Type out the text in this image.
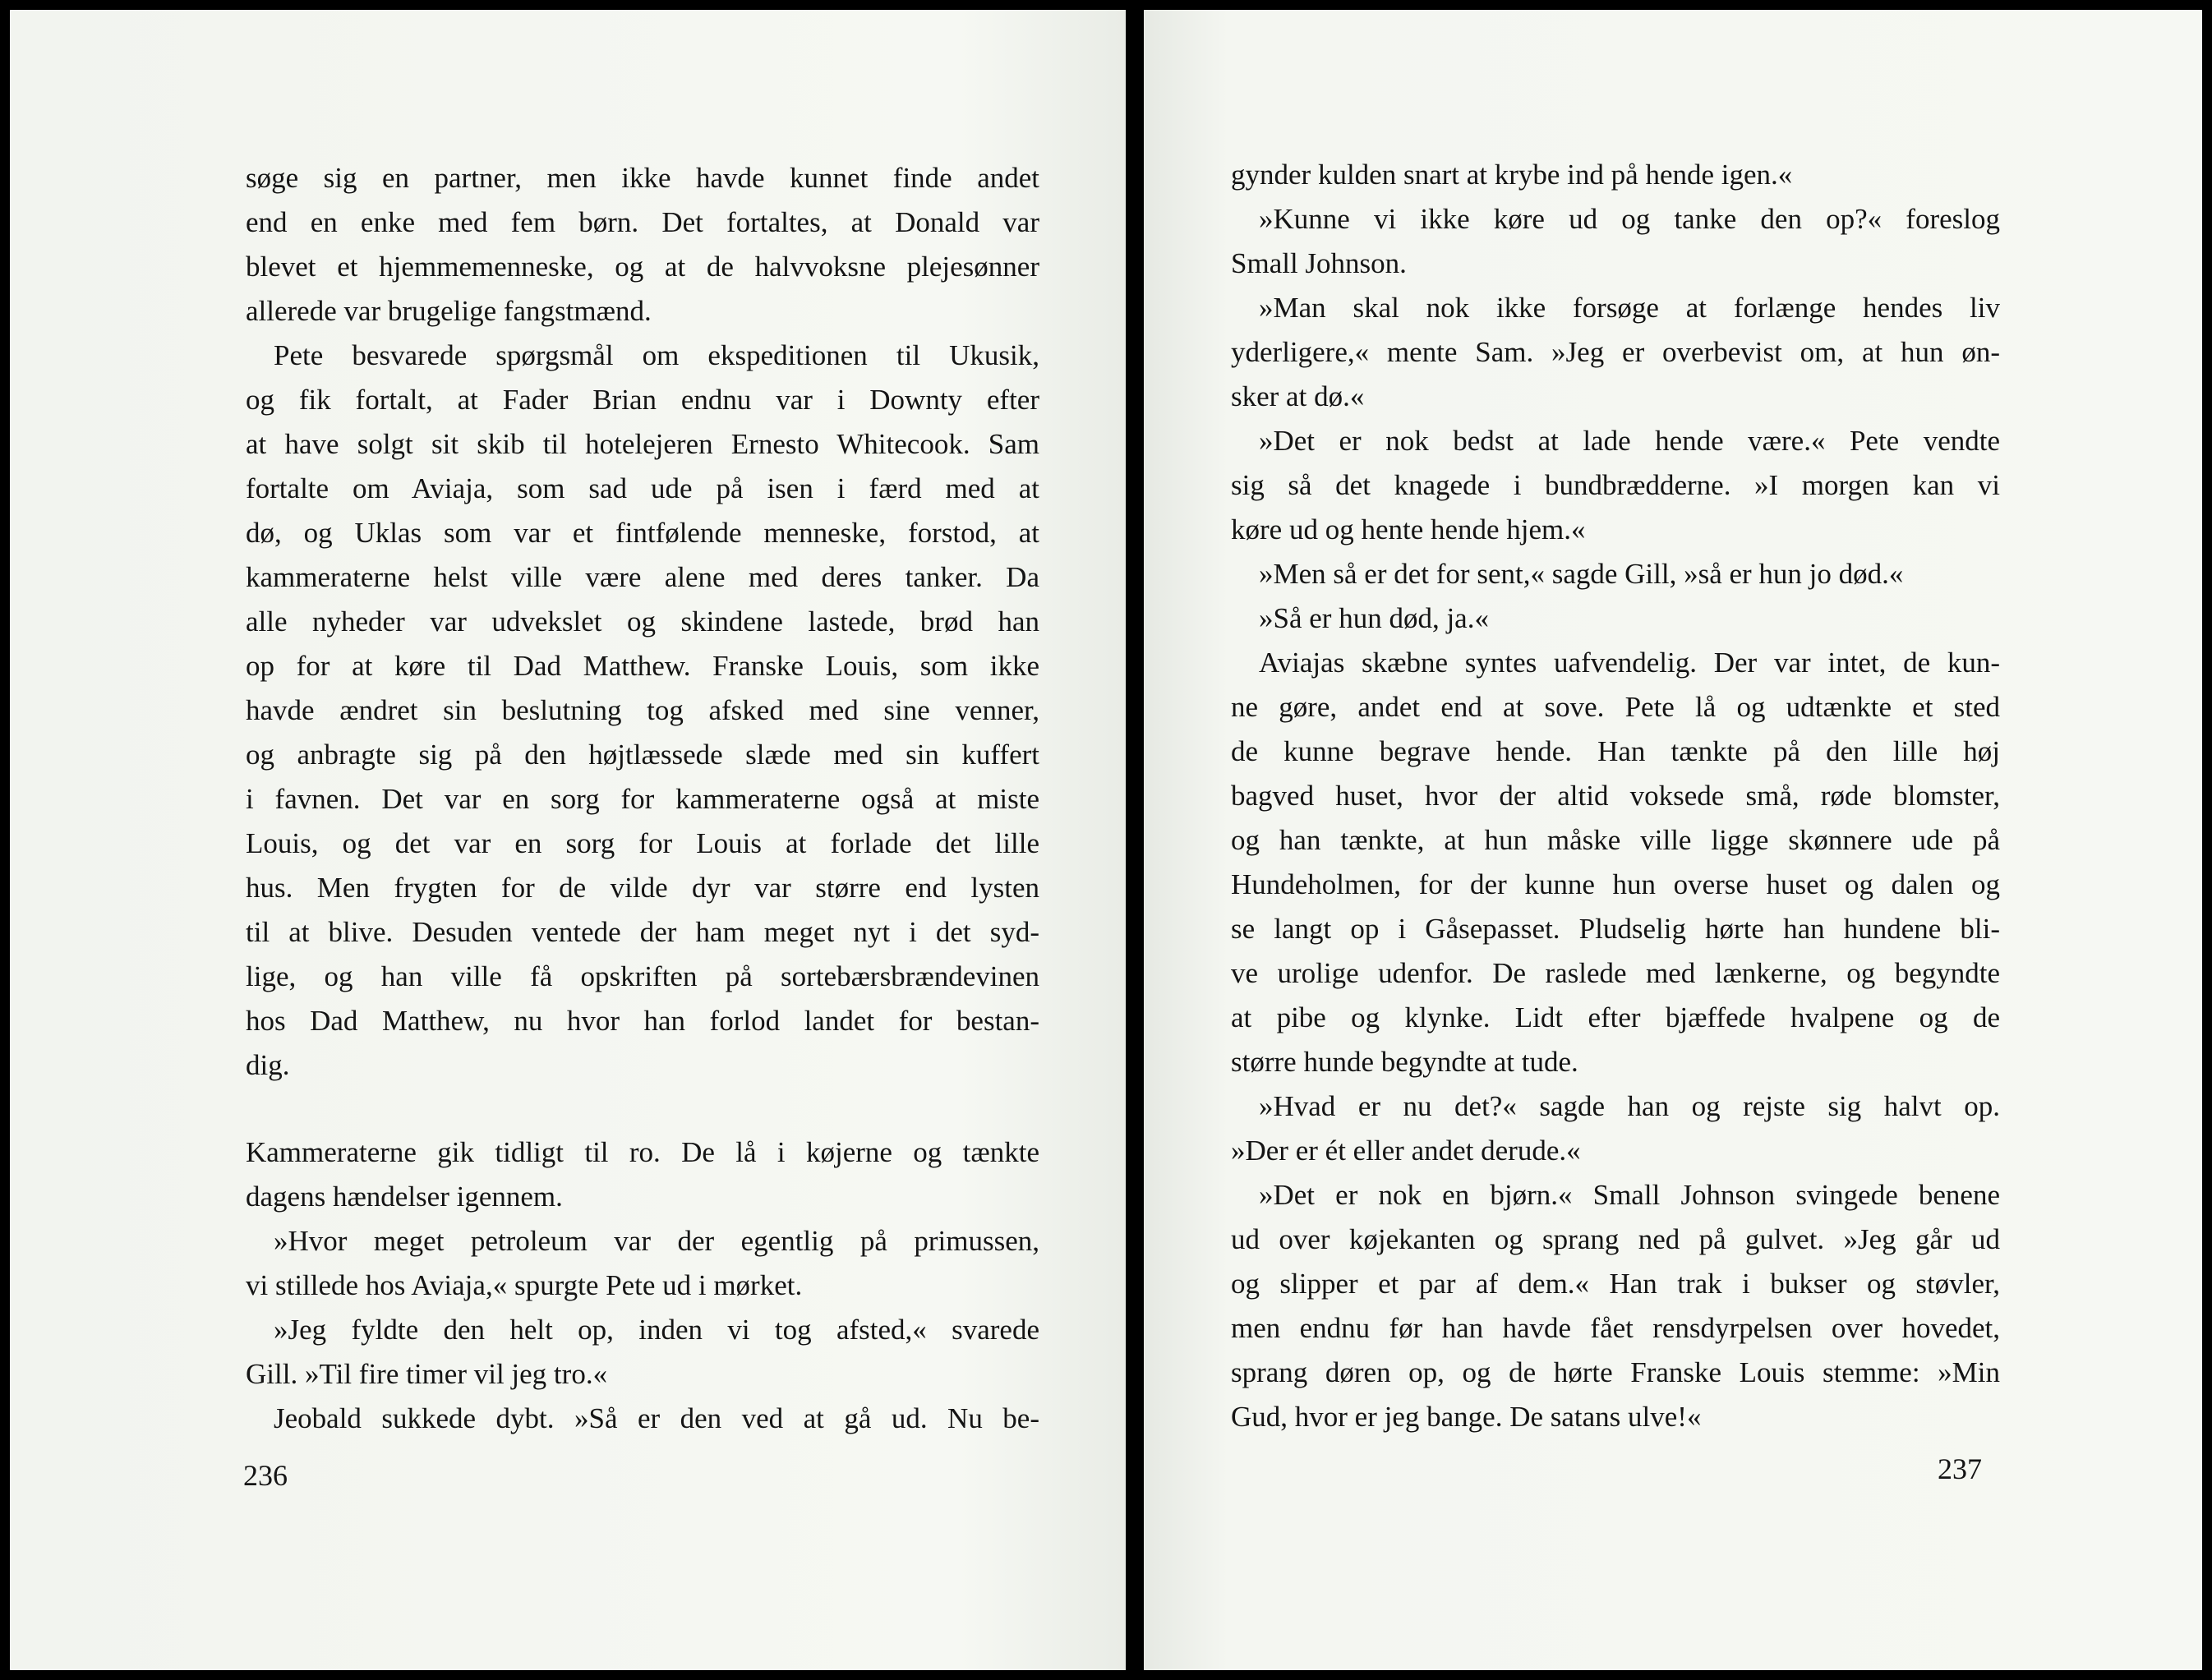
søge sig en partner, men ikke havde kunnet finde andet
end en enke med fem børn. Det fortaltes, at Donald var
blevet et hjemmemenneske, og at de halvvoksne plejesønner
allerede var brugelige fangstmænd.
Pete besvarede spørgsmål om ekspeditionen til Ukusik,
og fik fortalt, at Fader Brian endnu var i Downty efter
at have solgt sit skib til hotelejeren Ernesto Whitecook. Sam
fortalte om Aviaja, som sad ude på isen i færd med at
dø, og Uklas som var et fintfølende menneske, forstod, at
kammeraterne helst ville være alene med deres tanker. Da
alle nyheder var udvekslet og skindene lastede, brød han
op for at køre til Dad Matthew. Franske Louis, som ikke
havde ændret sin beslutning tog afsked med sine venner,
og anbragte sig på den højtlæssede slæde med sin kuffert
i favnen. Det var en sorg for kammeraterne også at miste
Louis, og det var en sorg for Louis at forlade det lille
hus. Men frygten for de vilde dyr var større end lysten
til at blive. Desuden ventede der ham meget nyt i det syd-
lige, og han ville få opskriften på sortebærsbrændevinen
hos Dad Matthew, nu hvor han forlod landet for bestan-
dig.
Kammeraterne gik tidligt til ro. De lå i køjerne og tænkte
dagens hændelser igennem.
»Hvor meget petroleum var der egentlig på primussen,
vi stillede hos Aviaja,« spurgte Pete ud i mørket.
»Jeg fyldte den helt op, inden vi tog afsted,« svarede
Gill. »Til fire timer vil jeg tro.«
Jeobald sukkede dybt. »Så er den ved at gå ud. Nu be-
236
gynder kulden snart at krybe ind på hende igen.«
»Kunne vi ikke køre ud og tanke den op?« foreslog
Small Johnson.
»Man skal nok ikke forsøge at forlænge hendes liv
yderligere,« mente Sam. »Jeg er overbevist om, at hun øn-
sker at dø.«
»Det er nok bedst at lade hende være.« Pete vendte
sig så det knagede i bundbrædderne. »I morgen kan vi
køre ud og hente hende hjem.«
»Men så er det for sent,« sagde Gill, »så er hun jo død.«
»Så er hun død, ja.«
Aviajas skæbne syntes uafvendelig. Der var intet, de kun-
ne gøre, andet end at sove. Pete lå og udtænkte et sted
de kunne begrave hende. Han tænkte på den lille høj
bagved huset, hvor der altid voksede små, røde blomster,
og han tænkte, at hun måske ville ligge skønnere ude på
Hundeholmen, for der kunne hun overse huset og dalen og
se langt op i Gåsepasset. Pludselig hørte han hundene bli-
ve urolige udenfor. De raslede med lænkerne, og begyndte
at pibe og klynke. Lidt efter bjæffede hvalpene og de
større hunde begyndte at tude.
»Hvad er nu det?« sagde han og rejste sig halvt op.
»Der er ét eller andet derude.«
»Det er nok en bjørn.« Small Johnson svingede benene
ud over køjekanten og sprang ned på gulvet. »Jeg går ud
og slipper et par af dem.« Han trak i bukser og støvler,
men endnu før han havde fået rensdyrpelsen over hovedet,
sprang døren op, og de hørte Franske Louis stemme: »Min
Gud, hvor er jeg bange. De satans ulve!«
237
